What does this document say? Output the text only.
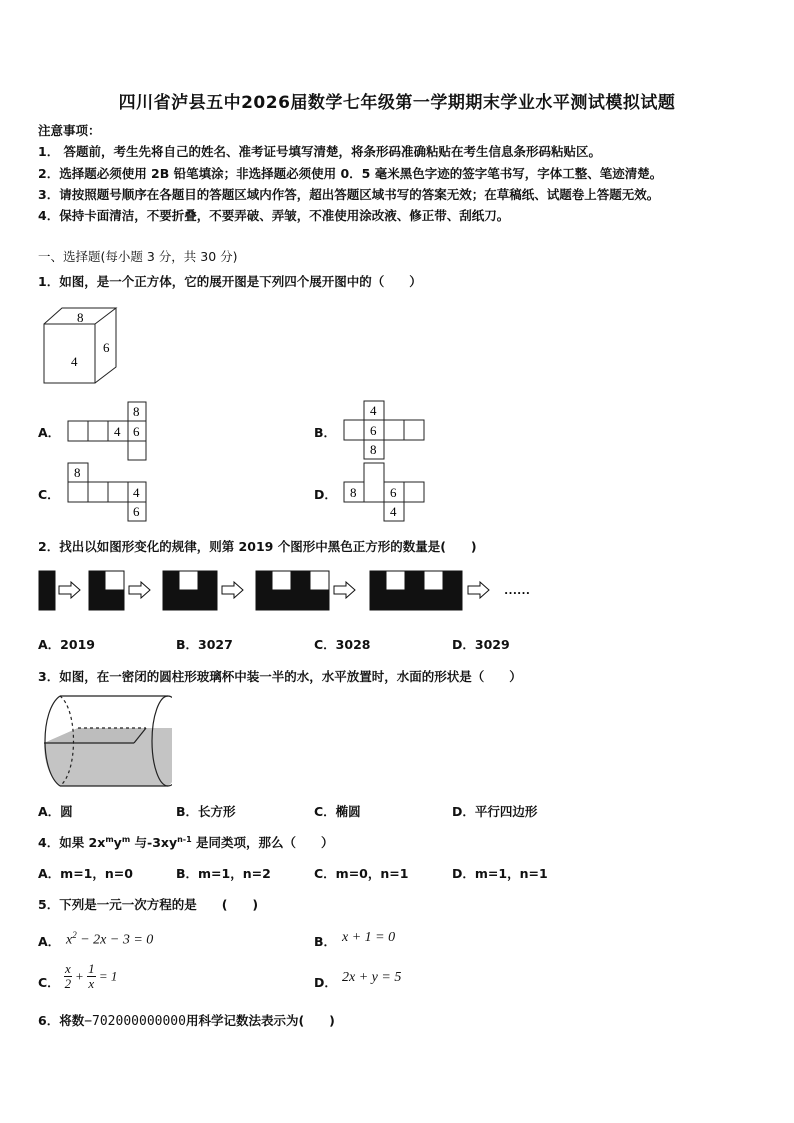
四川省泸县五中2026届数学七年级第一学期期末学业水平测试模拟试题
注意事项：
1． 答题前，考生先将自己的姓名、准考证号填写清楚，将条形码准确粘贴在考生信息条形码粘贴区。
2．选择题必须使用 2B 铅笔填涂；非选择题必须使用 0．5 毫米黑色字迹的签字笔书写，字体工整、笔迹清楚。
3．请按照题号顺序在各题目的答题区域内作答，超出答题区域书写的答案无效；在草稿纸、试题卷上答题无效。
4．保持卡面清洁，不要折叠，不要弄破、弄皱，不准使用涂改液、修正带、刮纸刀。
一、选择题(每小题 3 分，共 30 分)
1．如图，是一个正方体，它的展开图是下列四个展开图中的（　　）
8
4
6
A．
8
4 6	B．
4
6
8
C．
8
4
6
D． 8	6
4
2．找出以如图形变化的规律，则第 2019 个图形中黑色正方形的数量是(　　)
……
A．2019	B．3027	C．3028	D．3029
3．如图，在一密闭的圆柱形玻璃杯中装一半的水，水平放置时，水面的形状是（　　）
A．圆	B．长方形	C．椭圆	D．平行四边形
4．如果 $2x^my^m$ 与$-3xy^{n-1}$ 是同类项，那么（　　）
A．m=1，n=0	B．m=1，n=2	C．m=0，n=1	D．m=1，n=1
5．下列是一元一次方程的是　　(　　)
A． $x^2 - 2x - 3 = 0$	B． x + 1 = 0
C． $\frac{x}{2} + \frac{1}{x} = 1$	D． 2x + y = 5
6．将数−702000000000用科学记数法表示为(　　)
